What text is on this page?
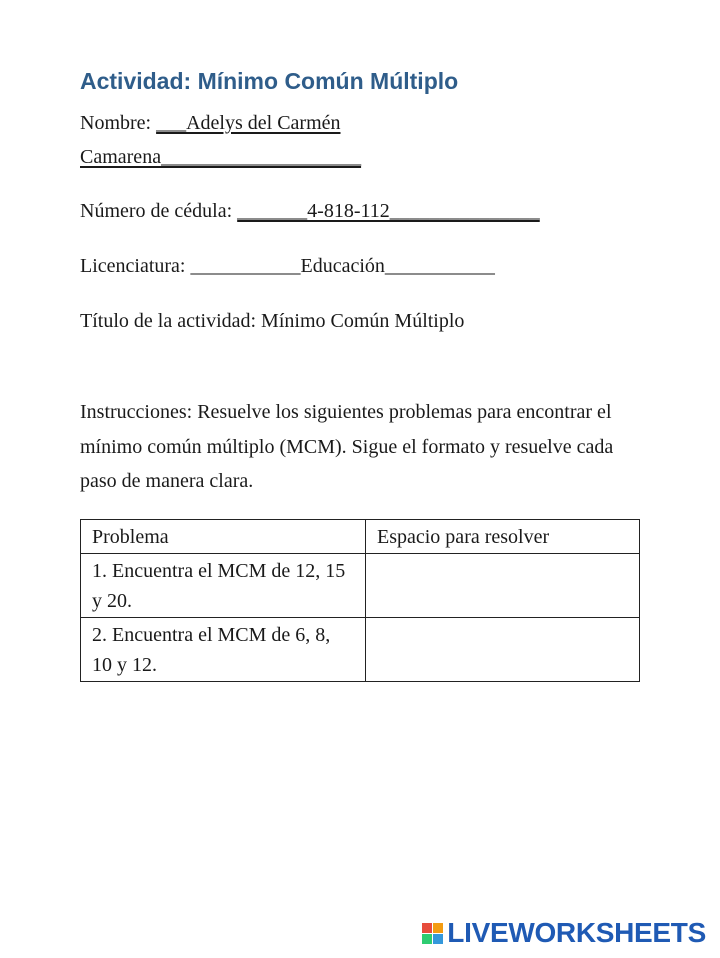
Actividad: Mínimo Común Múltiplo
Nombre: ___Adelys del Carmén
Camarena____________________
Número de cédula: _______4-818-112_______________
Licenciatura: ___________Educación___________
Título de la actividad: Mínimo Común Múltiplo
Instrucciones: Resuelve los siguientes problemas para encontrar el mínimo común múltiplo (MCM). Sigue el formato y resuelve cada paso de manera clara.
Problema	Espacio para resolver
1. Encuentra el MCM de 12, 15 y 20.	
2. Encuentra el MCM de 6, 8, 10 y 12.	
LIVEWORKSHEETS
